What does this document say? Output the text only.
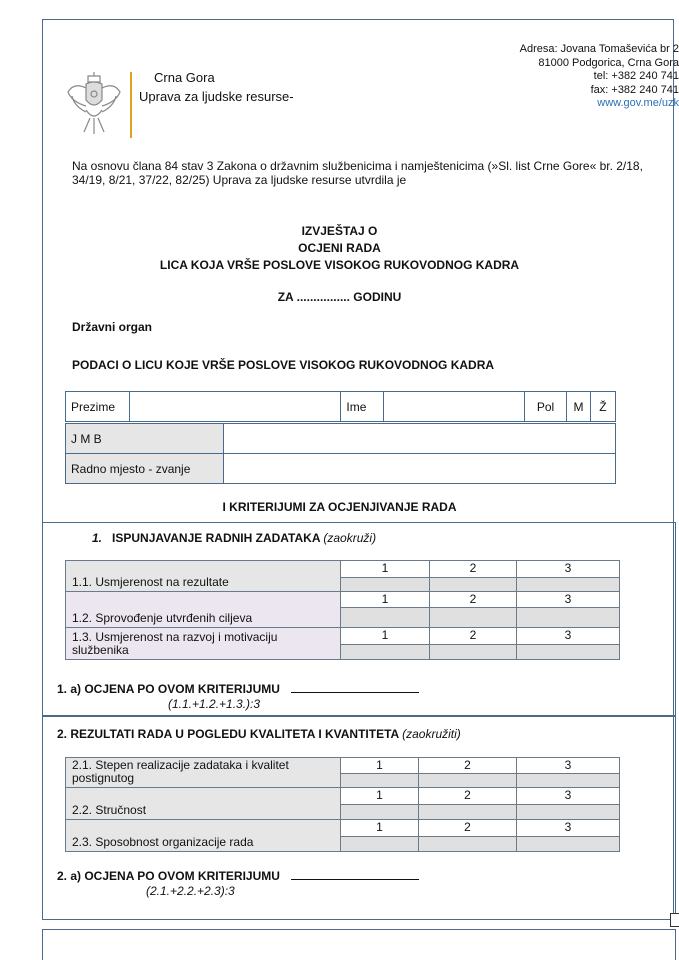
Crna Gora
Uprava za ljudske resurse-
Adresa: Jovana Tomaševića br 2
81000 Podgorica, Crna Gora
tel: +382 240 741
fax: +382 240 741
www.gov.me/uzk
Na osnovu člana 84 stav 3 Zakona o državnim službenicima i namještenicima (»Sl. list Crne Gore« br. 2/18, 34/19, 8/21, 37/22, 82/25) Uprava za ljudske resurse utvrdila je
IZVJEŠTAJ O
OCJENI RADA
LICA KOJA VRŠE POSLOVE VISOKOG RUKOVODNOG KADRA
ZA ................ GODINU
Državni organ
PODACI O LICU KOJE VRŠE POSLOVE VISOKOG RUKOVODNOG KADRA
Prezime		Ime		Pol	M	Ž
J M B	
Radno mjesto - zvanje	
I KRITERIJUMI ZA OCJENJIVANJE RADA
1. ISPUNJAVANJE RADNIH ZADATAKA (zaokruži)
1.1. Usmjerenost na rezultate	1	2	3

1.2. Sprovođenje utvrđenih ciljeva	1	2	3

1.3. Usmjerenost na razvoj i motivaciju službenika	1	2	3

1. a) OCJENA PO OVOM KRITERIJUMU
(1.1.+1.2.+1.3.):3
2. REZULTATI RADA U POGLEDU KVALITETA I KVANTITETA (zaokružiti)
2.1. Stepen realizacije zadataka i kvalitet postignutog	1	2	3

2.2. Stručnost	1	2	3

2.3. Sposobnost organizacije rada	1	2	3

2. a) OCJENA PO OVOM KRITERIJUMU
(2.1.+2.2.+2.3):3
